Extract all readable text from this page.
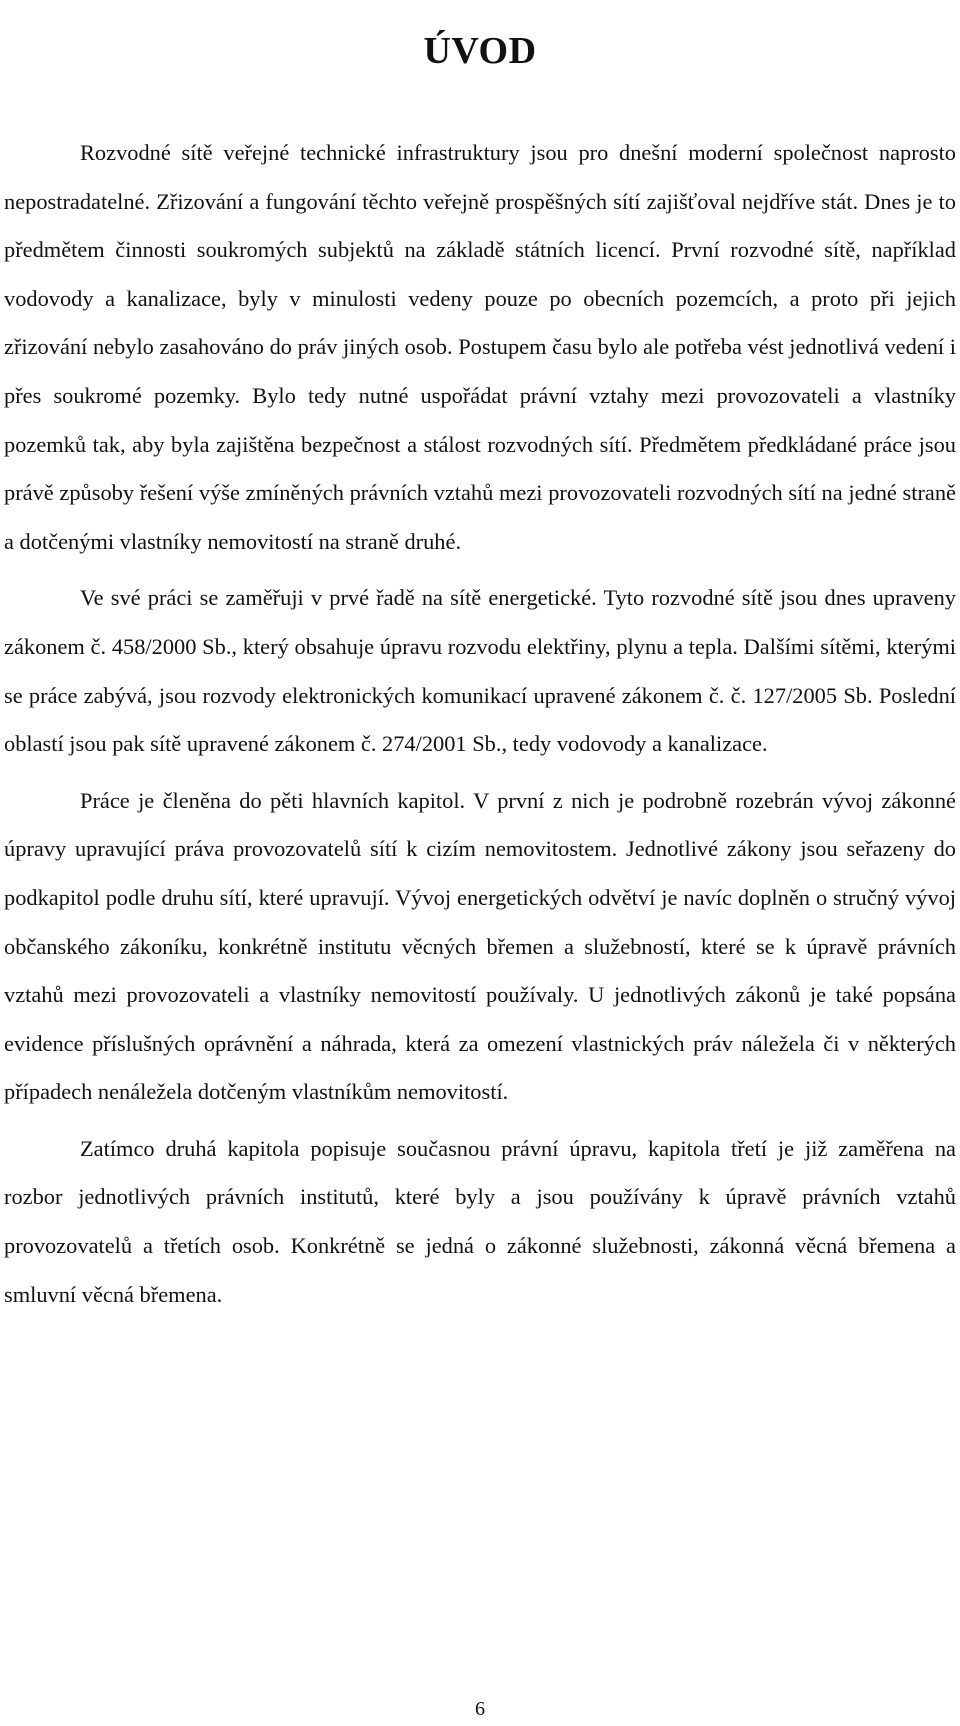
ÚVOD

Rozvodné sítě veřejné technické infrastruktury jsou pro dnešní moderní společnost naprosto nepostradatelné. Zřizování a fungování těchto veřejně prospěšných sítí zajišťoval nejdříve stát. Dnes je to předmětem činnosti soukromých subjektů na základě státních licencí. První rozvodné sítě, například vodovody a kanalizace, byly v minulosti vedeny pouze po obecních pozemcích, a proto při jejich zřizování nebylo zasahováno do práv jiných osob. Postupem času bylo ale potřeba vést jednotlivá vedení i přes soukromé pozemky. Bylo tedy nutné uspořádat právní vztahy mezi provozovateli a vlastníky pozemků tak, aby byla zajištěna bezpečnost a stálost rozvodných sítí. Předmětem předkládané práce jsou právě způsoby řešení výše zmíněných právních vztahů mezi provozovateli rozvodných sítí na jedné straně a dotčenými vlastníky nemovitostí na straně druhé.

Ve své práci se zaměřuji v prvé řadě na sítě energetické. Tyto rozvodné sítě jsou dnes upraveny zákonem č. 458/2000 Sb., který obsahuje úpravu rozvodu elektřiny, plynu a tepla. Dalšími sítěmi, kterými se práce zabývá, jsou rozvody elektronických komunikací upravené zákonem č. č. 127/2005 Sb. Poslední oblastí jsou pak sítě upravené zákonem č. 274/2001 Sb., tedy vodovody a kanalizace.

Práce je členěna do pěti hlavních kapitol. V první z nich je podrobně rozebrán vývoj zákonné úpravy upravující práva provozovatelů sítí k cizím nemovitostem. Jednotlivé zákony jsou seřazeny do podkapitol podle druhu sítí, které upravují. Vývoj energetických odvětví je navíc doplněn o stručný vývoj občanského zákoníku, konkrétně institutu věcných břemen a služebností, které se k úpravě právních vztahů mezi provozovateli a vlastníky nemovitostí používaly. U jednotlivých zákonů je také popsána evidence příslušných oprávnění a náhrada, která za omezení vlastnických práv náležela či v některých případech nenáležela dotčeným vlastníkům nemovitostí.

Zatímco druhá kapitola popisuje současnou právní úpravu, kapitola třetí je již zaměřena na rozbor jednotlivých právních institutů, které byly a jsou používány k úpravě právních vztahů provozovatelů a třetích osob. Konkrétně se jedná o zákonné služebnosti, zákonná věcná břemena a smluvní věcná břemena.

6
